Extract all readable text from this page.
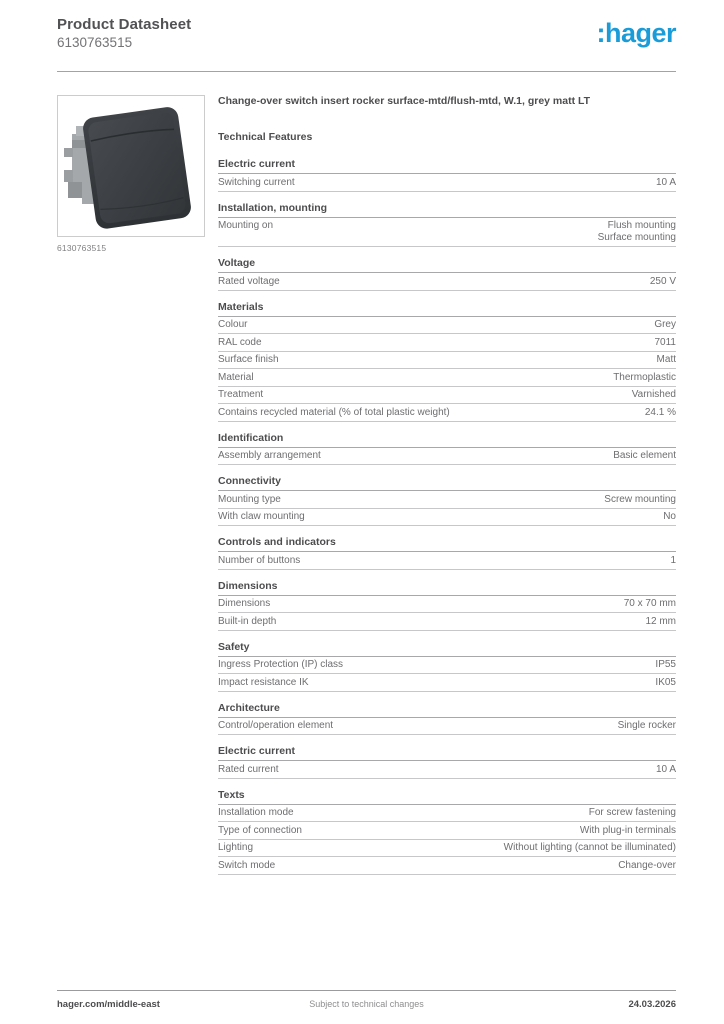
Product Datasheet
6130763515	:hager
6130763515
Change-over switch insert rocker surface-mtd/flush-mtd, W.1, grey matt LT
Technical Features
Electric current
Switching current	10 A
Installation, mounting
Mounting on	Flush mounting
Surface mounting
Voltage
Rated voltage	250 V
Materials
Colour	Grey
RAL code	7011
Surface finish	Matt
Material	Thermoplastic
Treatment	Varnished
Contains recycled material (% of total plastic weight)	24.1 %
Identification
Assembly arrangement	Basic element
Connectivity
Mounting type	Screw mounting
With claw mounting	No
Controls and indicators
Number of buttons	1
Dimensions
Dimensions	70 x 70 mm
Built-in depth	12 mm
Safety
Ingress Protection (IP) class	IP55
Impact resistance IK	IK05
Architecture
Control/operation element	Single rocker
Electric current
Rated current	10 A
Texts
Installation mode	For screw fastening
Type of connection	With plug-in terminals
Lighting	Without lighting (cannot be illuminated)
Switch mode	Change-over
Subject to technical changes
hager.com/middle-east	24.03.2026
